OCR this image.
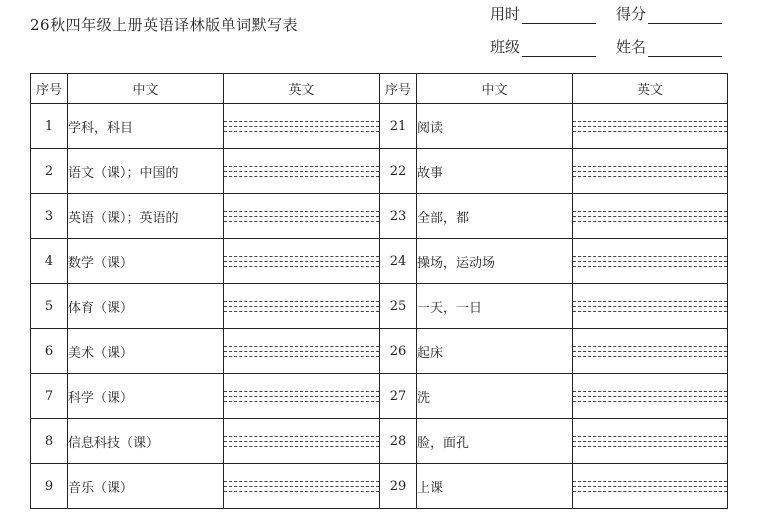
26秋四年级上册英语译林版单词默写表
用时	得分
班级	姓名
序号	中文	英文	序号	中文	英文
1	学科，科目		21	阅读	

2	语文（课）；中国的		22	故事	

3	英语（课）；英语的		23	全部，都	

4	数学（课）		24	操场，运动场	

5	体育（课）		25	一天，一日	

6	美术（课）		26	起床	

7	科学（课）		27	洗	

8	信息科技（课）		28	脸，面孔	

9	音乐（课）		29	上课	
